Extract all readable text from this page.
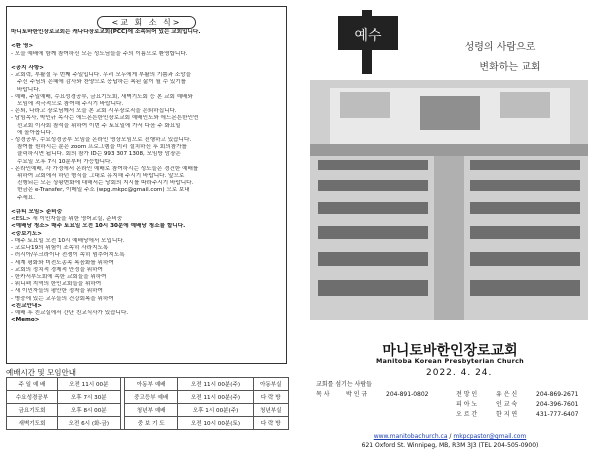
<교 회 소 식>
마니토바한인장로교회는 캐나다장로교회(PCC)에 소속되어 있는 교회입니다.

<환 영>
- 오늘 예배에 함께 참여하신 모든 성도님들을 주의 이름으로 환영합니다.

<공지 사항>
- 교회력, 부활절 두 번째 주일입니다. 우리 모두에게 부활의 기쁨과 소망을
주신 주님의 은혜에 감사와 찬양으로 응답하는 복된 삶이 될 수 있기를
바랍니다.
- 예배, 주일예배, 수요성경공부, 금요기도회, 새벽기도회 등 본 교회 예배와
모임에 적극적으로 참여해 주시기 바랍니다.
- 은퇴, 나라고 장로님께서 오늘 본 교회 시무장로직을 은퇴하십니다.
- 담임목사, 박인규 목사는 에드몬튼한인장로교회 예배인도와 에드몬튼한인연
선교회 이사회 참석을 위하여 이번 주 토요일에 가서 다음 주 화요일
에 돌아옵니다.
- 성경공부, 수요성경공부 모임을 온라인 영상모임으로 진행하고 있습니다.
참여를 원하시는 분은 zoom 프로그램을 미리 설치하신 후 회의참가를
클릭하시면 됩니다. 회의 참가 ID는 993 307 1308, 모임방 암장은
수요일 오후 7시 10분부터 가능합니다.
- 온라인예배, 각 가정에서 온라인 예배로 참여하시는 성도들은 경건한 예배를
위하여 교회에서 하던 형식을 그대로 유지해 주시기 바랍니다. 앞으로
진행되는 모든 상황변화에 대해서는 당회의 지시를 따라주시기 바랍니다.
헌금은 e-Transfer, 이메일 주소 (wpg.mkpc@gmail.com) 으로 보내
주세요.

<큐티 모임> 준비중
<ESL> 새 이민자들을 위한 영어교실, 준비중
<예배당 청소> 매주 토요일 오전 10시 30분에 예배당 청소를 합니다.
<중보기도>
- 매주 토요일 오전 10시 예배당에서 모입니다.
- 코로나19의 위험이 조속히 사라지도록
- 러시아/우크라이나 전쟁이 속히 멈추어지도록
- 세계 평화와 미전도종족 복음화를 위하여
- 교회의 정치적 경제적 안정을 위하여
- 한카서부노회에 속한 교회들을 위하여
- 위니펙 지역의 한인교회들을 위하여
- 새 이민자들의 평안한 정착을 위하여
- 병중에 있는 교우들의 건강회복을 위하여
<친교안내>
- 예배 후 친교실에서 간단 친교식사가 있습니다.
<Memo>
예배시간 및 모임안내
주 일 예 배	오전 11시 00분		아동부 예배	오전 11시 00분(주)	아동부실
수요성경공부	오후 7시 30분		중고등부 예배	오전 11시 00분(주)	다 락 방
금요기도회	오후 8시 00분		청년부 예배	오후 1시 00분(주)	청년부실
새벽기도회	오전 6시 (화-금)		중 보 기 도	오전 10시 00분(토)	다 락 방
예수
성령의 사람으로
변화하는 교회
마니토바한인장로교회
Manitoba Korean Presbyterian Church
2022. 4. 24.
교회를 섬기는 사람들
목 사	박 인 규	204-891-0802	전 망 인	유 은 신	204-869-2671
피 아 노	인 교 숙	204-396-7601
오 르 간	한 지 연	431-777-6407
www.manitobachurch.ca / mkpcpastor@gmail.com
621 Oxford St. Winnipeg, MB, R3M 3J3 (TEL 204-505-0900)
